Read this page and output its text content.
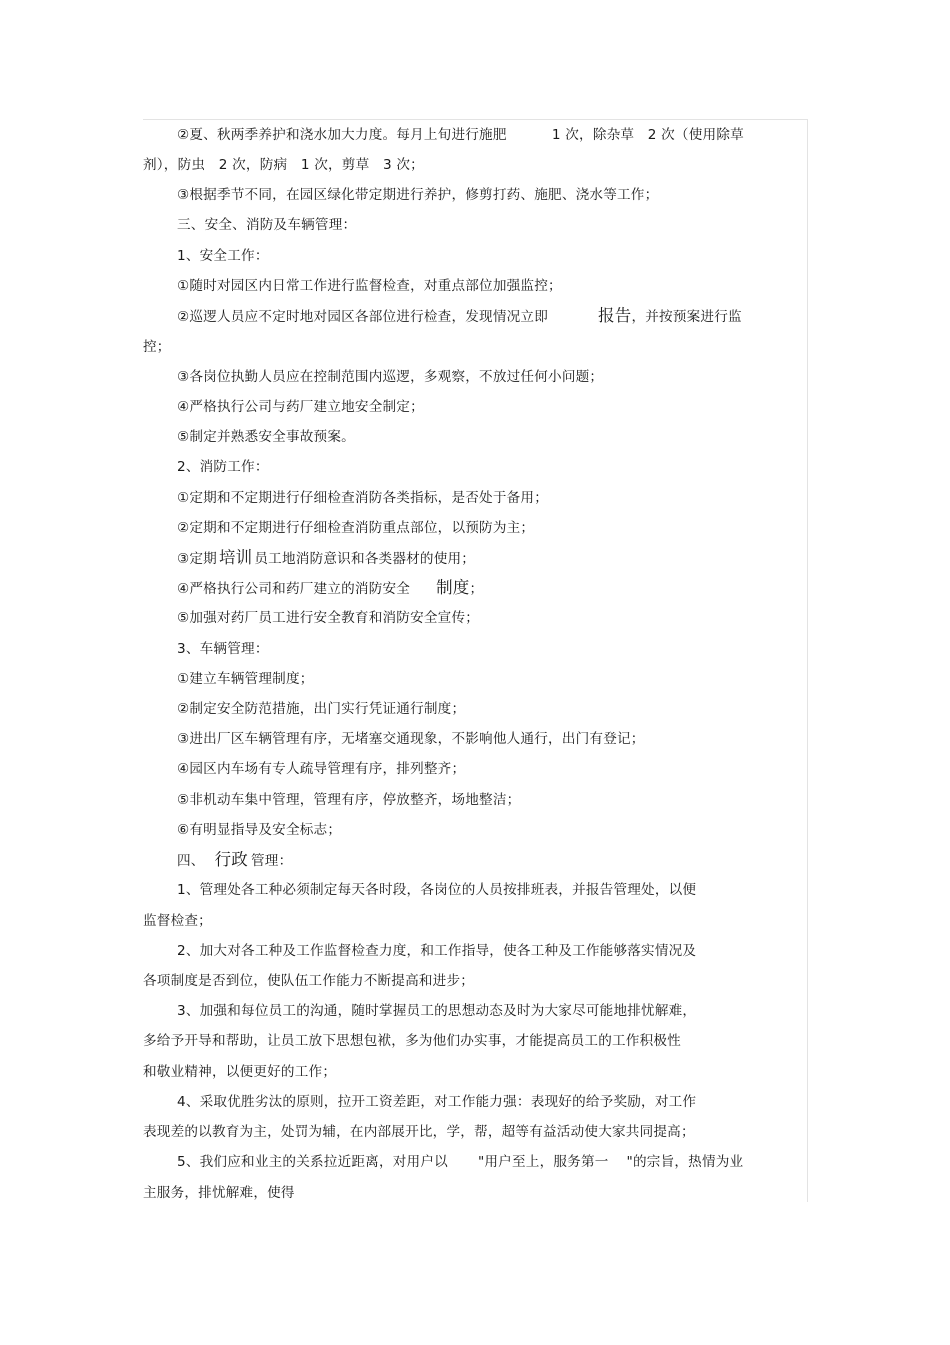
②夏、秋两季养护和浇水加大力度。每月上旬进行施肥          1 次，除杂草   2 次（使用除草
剂），防虫   2 次，防病   1 次，剪草   3 次；
③根据季节不同，在园区绿化带定期进行养护，修剪打药、施肥、浇水等工作；
三、安全、消防及车辆管理：
1、安全工作：
①随时对园区内日常工作进行监督检查，对重点部位加强监控；
②巡逻人员应不定时地对园区各部位进行检查，发现情况立即	报告，并按预案进行监
控；
③各岗位执勤人员应在控制范围内巡逻，多观察，不放过任何小问题；
④严格执行公司与药厂建立地安全制定；
⑤制定并熟悉安全事故预案。
2、消防工作：
①定期和不定期进行仔细检查消防各类指标，是否处于备用；
②定期和不定期进行仔细检查消防重点部位，以预防为主；
③定期 培训 员工地消防意识和各类器材的使用；
④严格执行公司和药厂建立的消防安全 制度；
⑤加强对药厂员工进行安全教育和消防安全宣传；
3、车辆管理：
①建立车辆管理制度；
②制定安全防范措施，出门实行凭证通行制度；
③进出厂区车辆管理有序，无堵塞交通现象，不影响他人通行，出门有登记；
④园区内车场有专人疏导管理有序，排列整齐；
⑤非机动车集中管理，管理有序，停放整齐，场地整洁；
⑥有明显指导及安全标志；
四、 行政 管理：
1、管理处各工种必须制定每天各时段，各岗位的人员按排班表，并报告管理处，以便
监督检查；
2、加大对各工种及工作监督检查力度，和工作指导，使各工种及工作能够落实情况及
各项制度是否到位，使队伍工作能力不断提高和进步；
3、加强和每位员工的沟通，随时掌握员工的思想动态及时为大家尽可能地排忧解难，
多给予开导和帮助，让员工放下思想包袱，多为他们办实事，才能提高员工的工作积极性
和敬业精神，以便更好的工作；
4、采取优胜劣汰的原则，拉开工资差距，对工作能力强：表现好的给予奖励，对工作
表现差的以教育为主，处罚为辅，在内部展开比，学，帮，超等有益活动使大家共同提高；
5、我们应和业主的关系拉近距离，对用户以 "用户至上，服务第一 "的宗旨，热情为业
主服务，排忧解难，使得
